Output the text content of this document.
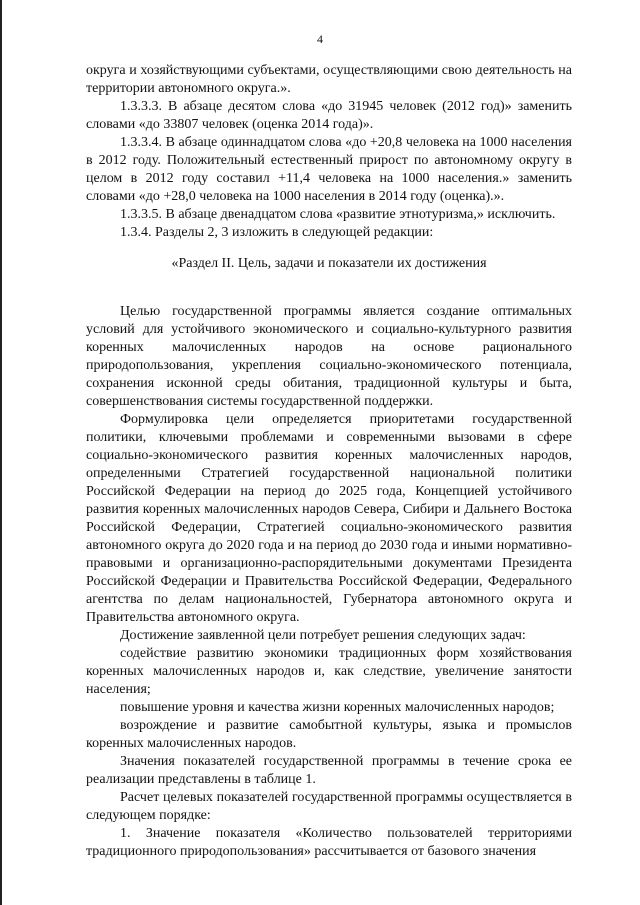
4

округа и хозяйствующими субъектами, осуществляющими свою деятельность на территории автономного округа.».

1.3.3.3. В абзаце десятом слова «до 31945 человек (2012 год)» заменить словами «до 33807 человек (оценка 2014 года)».

1.3.3.4. В абзаце одиннадцатом слова «до +20,8 человека на 1000 населения в 2012 году. Положительный естественный прирост по автономному округу в целом в 2012 году составил +11,4 человека на 1000 населения.» заменить словами «до +28,0 человека на 1000 населения в 2014 году (оценка).».

1.3.3.5. В абзаце двенадцатом слова «развитие этнотуризма,» исключить.

1.3.4. Разделы 2, 3 изложить в следующей редакции:

«Раздел II. Цель, задачи и показатели их достижения

Целью государственной программы является создание оптимальных условий для устойчивого экономического и социально-культурного развития коренных малочисленных народов на основе рационального природопользования, укрепления социально-экономического потенциала, сохранения исконной среды обитания, традиционной культуры и быта, совершенствования системы государственной поддержки.

Формулировка цели определяется приоритетами государственной политики, ключевыми проблемами и современными вызовами в сфере социально-экономического развития коренных малочисленных народов, определенными Стратегией государственной национальной политики Российской Федерации на период до 2025 года, Концепцией устойчивого развития коренных малочисленных народов Севера, Сибири и Дальнего Востока Российской Федерации, Стратегией социально-экономического развития автономного округа до 2020 года и на период до 2030 года и иными нормативно-правовыми и организационно-распорядительными документами Президента Российской Федерации и Правительства Российской Федерации, Федерального агентства по делам национальностей, Губернатора автономного округа и Правительства автономного округа.

Достижение заявленной цели потребует решения следующих задач:

содействие развитию экономики традиционных форм хозяйствования коренных малочисленных народов и, как следствие, увеличение занятости населения;

повышение уровня и качества жизни коренных малочисленных народов;

возрождение и развитие самобытной культуры, языка и промыслов коренных малочисленных народов.

Значения показателей государственной программы в течение срока ее реализации представлены в таблице 1.

Расчет целевых показателей государственной программы осуществляется в следующем порядке:

1. Значение показателя «Количество пользователей территориями традиционного природопользования» рассчитывается от базового значения
